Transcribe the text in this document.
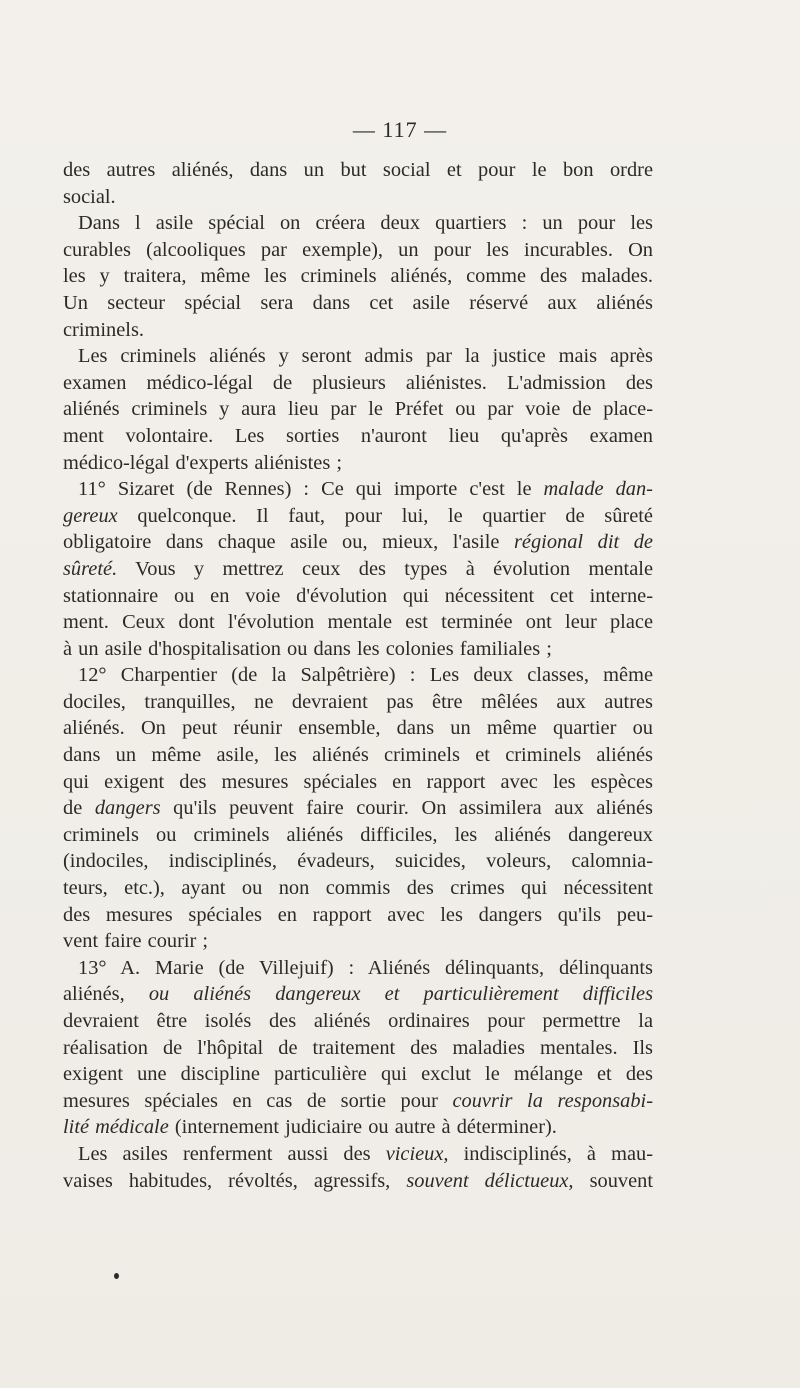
— 117 —
des autres aliénés, dans un but social et pour le bon ordre
social.
Dans l asile spécial on créera deux quartiers : un pour les
curables (alcooliques par exemple), un pour les incurables. On
les y traitera, même les criminels aliénés, comme des malades.
Un secteur spécial sera dans cet asile réservé aux aliénés
criminels.
Les criminels aliénés y seront admis par la justice mais après
examen médico-légal de plusieurs aliénistes. L'admission des
aliénés criminels y aura lieu par le Préfet ou par voie de place-
ment volontaire. Les sorties n'auront lieu qu'après examen
médico-légal d'experts aliénistes ;
11° Sizaret (de Rennes) : Ce qui importe c'est le malade dan-
gereux quelconque. Il faut, pour lui, le quartier de sûreté
obligatoire dans chaque asile ou, mieux, l'asile régional dit de
sûreté. Vous y mettrez ceux des types à évolution mentale
stationnaire ou en voie d'évolution qui nécessitent cet interne-
ment. Ceux dont l'évolution mentale est terminée ont leur place
à un asile d'hospitalisation ou dans les colonies familiales ;
12° Charpentier (de la Salpêtrière) : Les deux classes, même
dociles, tranquilles, ne devraient pas être mêlées aux autres
aliénés. On peut réunir ensemble, dans un même quartier ou
dans un même asile, les aliénés criminels et criminels aliénés
qui exigent des mesures spéciales en rapport avec les espèces
de dangers qu'ils peuvent faire courir. On assimilera aux aliénés
criminels ou criminels aliénés difficiles, les aliénés dangereux
(indociles, indisciplinés, évadeurs, suicides, voleurs, calomnia-
teurs, etc.), ayant ou non commis des crimes qui nécessitent
des mesures spéciales en rapport avec les dangers qu'ils peu-
vent faire courir ;
13° A. Marie (de Villejuif) : Aliénés délinquants, délinquants
aliénés, ou aliénés dangereux et particulièrement difficiles
devraient être isolés des aliénés ordinaires pour permettre la
réalisation de l'hôpital de traitement des maladies mentales. Ils
exigent une discipline particulière qui exclut le mélange et des
mesures spéciales en cas de sortie pour couvrir la responsabi-
lité médicale (internement judiciaire ou autre à déterminer).
Les asiles renferment aussi des vicieux, indisciplinés, à mau-
vaises habitudes, révoltés, agressifs, souvent délictueux, souvent
